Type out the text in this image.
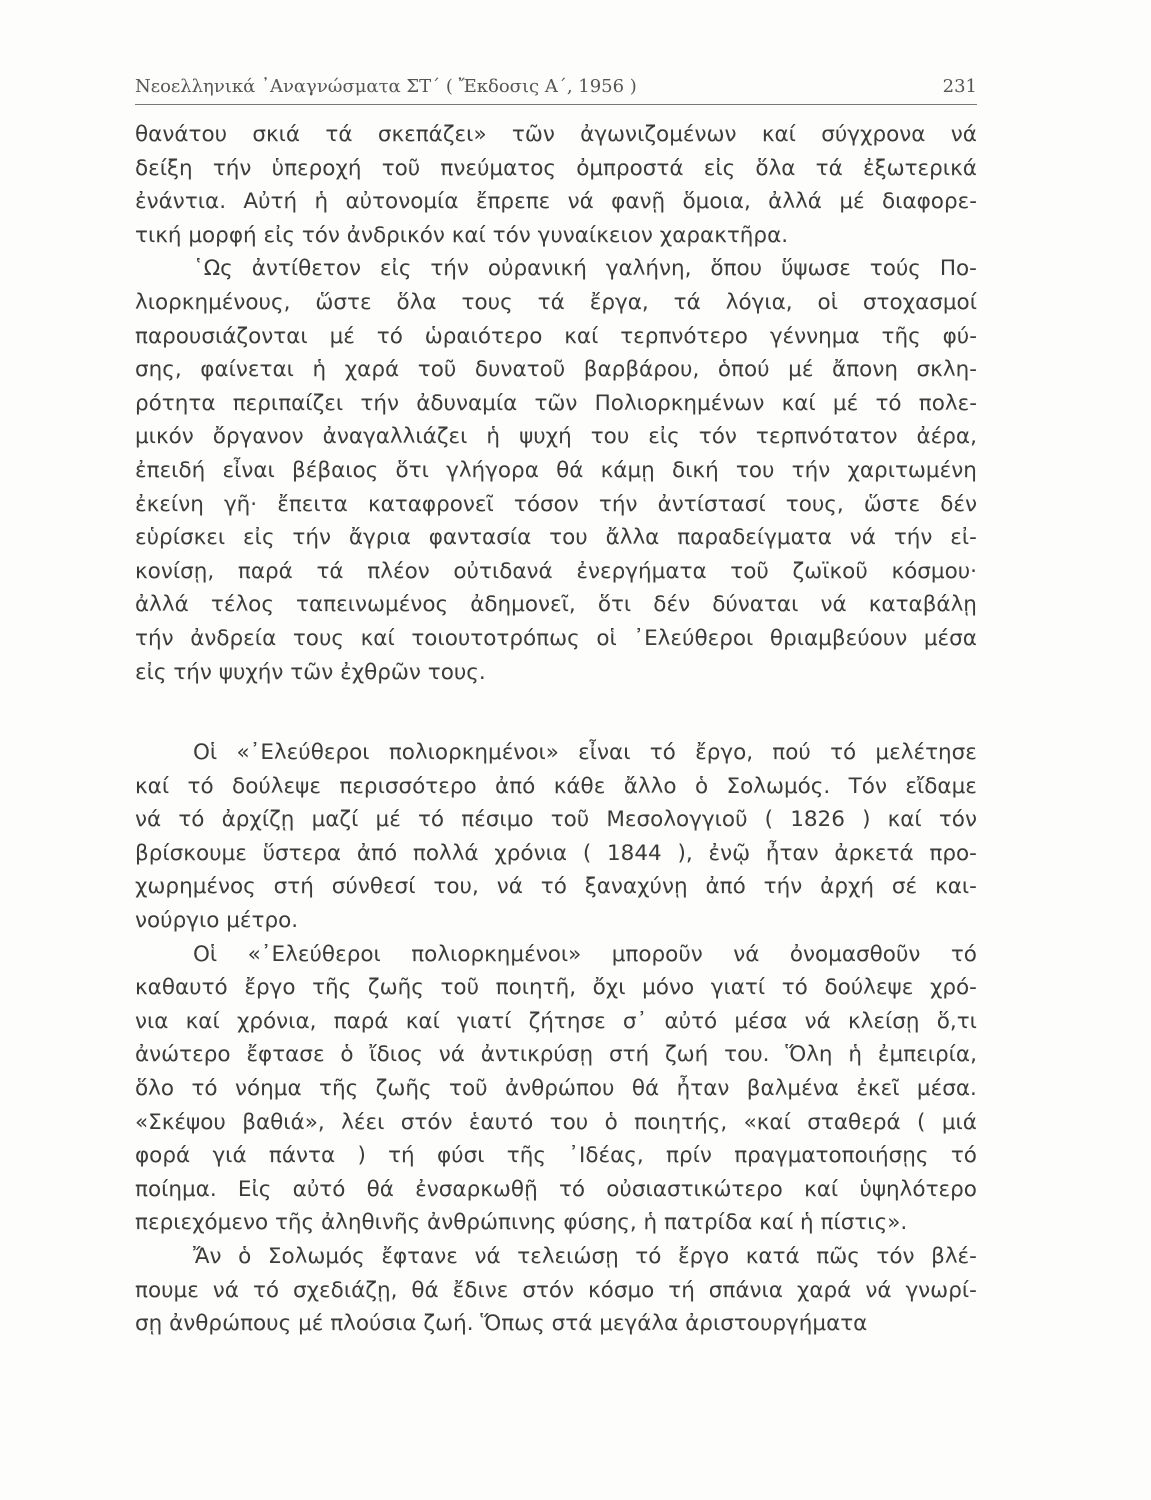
Νεοελληνικά ᾿Αναγνώσματα ΣΤ΄ ( Ἔκδοσις Α΄, 1956 )	231
θανάτου σκιά τά σκεπάζει» τῶν ἀγωνιζομένων καί σύγχρονα νά
δείξη τήν ὑπεροχή τοῦ πνεύματος ὀμπροστά εἰς ὅλα τά ἐξωτερικά
ἐνάντια. Αὐτή ἡ αὐτονομία ἔπρεπε νά φανῇ ὅμοια, ἀλλά μέ διαφορε-
τική μορφή εἰς τόν ἀνδρικόν καί τόν γυναίκειον χαρακτῆρα.
῾Ως ἀντίθετον εἰς τήν οὐρανική γαλήνη, ὅπου ὕψωσε τούς Πο-
λιορκημένους, ὥστε ὅλα τους τά ἔργα, τά λόγια, οἱ στοχασμοί
παρουσιάζονται μέ τό ὡραιότερο καί τερπνότερο γέννημα τῆς φύ-
σης, φαίνεται ἡ χαρά τοῦ δυνατοῦ βαρβάρου, ὁπού μέ ἄπονη σκλη-
ρότητα περιπαίζει τήν ἀδυναμία τῶν Πολιορκημένων καί μέ τό πολε-
μικόν ὄργανον ἀναγαλλιάζει ἡ ψυχή του εἰς τόν τερπνότατον ἀέρα,
ἐπειδή εἶναι βέβαιος ὅτι γλήγορα θά κάμῃ δική του τήν χαριτωμένη
ἐκείνη γῆ· ἔπειτα καταφρονεῖ τόσον τήν ἀντίστασί τους, ὥστε δέν
εὑρίσκει εἰς τήν ἄγρια φαντασία του ἄλλα παραδείγματα νά τήν εἰ-
κονίσῃ, παρά τά πλέον οὐτιδανά ἐνεργήματα τοῦ ζωϊκοῦ κόσμου·
ἀλλά τέλος ταπεινωμένος ἀδημονεῖ, ὅτι δέν δύναται νά καταβάλῃ
τήν ἀνδρεία τους καί τοιουτοτρόπως οἱ ᾿Ελεύθεροι θριαμβεύουν μέσα
εἰς τήν ψυχήν τῶν ἐχθρῶν τους.
Οἱ «᾿Ελεύθεροι πολιορκημένοι» εἶναι τό ἔργο, πού τό μελέτησε
καί τό δούλεψε περισσότερο ἀπό κάθε ἄλλο ὁ Σολωμός. Τόν εἴδαμε
νά τό ἀρχίζῃ μαζί μέ τό πέσιμο τοῦ Μεσολογγιοῦ ( 1826 ) καί τόν
βρίσκουμε ὕστερα ἀπό πολλά χρόνια ( 1844 ), ἐνῷ ἦταν ἀρκετά προ-
χωρημένος στή σύνθεσί του, νά τό ξαναχύνῃ ἀπό τήν ἀρχή σέ και-
νούργιο μέτρο.
Οἱ «᾿Ελεύθεροι πολιορκημένοι» μποροῦν νά ὀνομασθοῦν τό
καθαυτό ἔργο τῆς ζωῆς τοῦ ποιητῆ, ὄχι μόνο γιατί τό δούλεψε χρό-
νια καί χρόνια, παρά καί γιατί ζήτησε σ᾿ αὐτό μέσα νά κλείσῃ ὅ,τι
ἀνώτερο ἔφτασε ὁ ἴδιος νά ἀντικρύσῃ στή ζωή του. Ὅλη ἡ ἐμπειρία,
ὅλο τό νόημα τῆς ζωῆς τοῦ ἀνθρώπου θά ἦταν βαλμένα ἐκεῖ μέσα.
«Σκέψου βαθιά», λέει στόν ἑαυτό του ὁ ποιητής, «καί σταθερά ( μιά
φορά γιά πάντα ) τή φύσι τῆς ᾿Ιδέας, πρίν πραγματοποιήσῃς τό
ποίημα. Εἰς αὐτό θά ἐνσαρκωθῇ τό οὐσιαστικώτερο καί ὑψηλότερο
περιεχόμενο τῆς ἀληθινῆς ἀνθρώπινης φύσης, ἡ πατρίδα καί ἡ πίστις».
Ἄν ὁ Σολωμός ἔφτανε νά τελειώσῃ τό ἔργο κατά πῶς τόν βλέ-
πουμε νά τό σχεδιάζῃ, θά ἔδινε στόν κόσμο τή σπάνια χαρά νά γνωρί-
σῃ ἀνθρώπους μέ πλούσια ζωή. Ὅπως στά μεγάλα ἀριστουργήματα
